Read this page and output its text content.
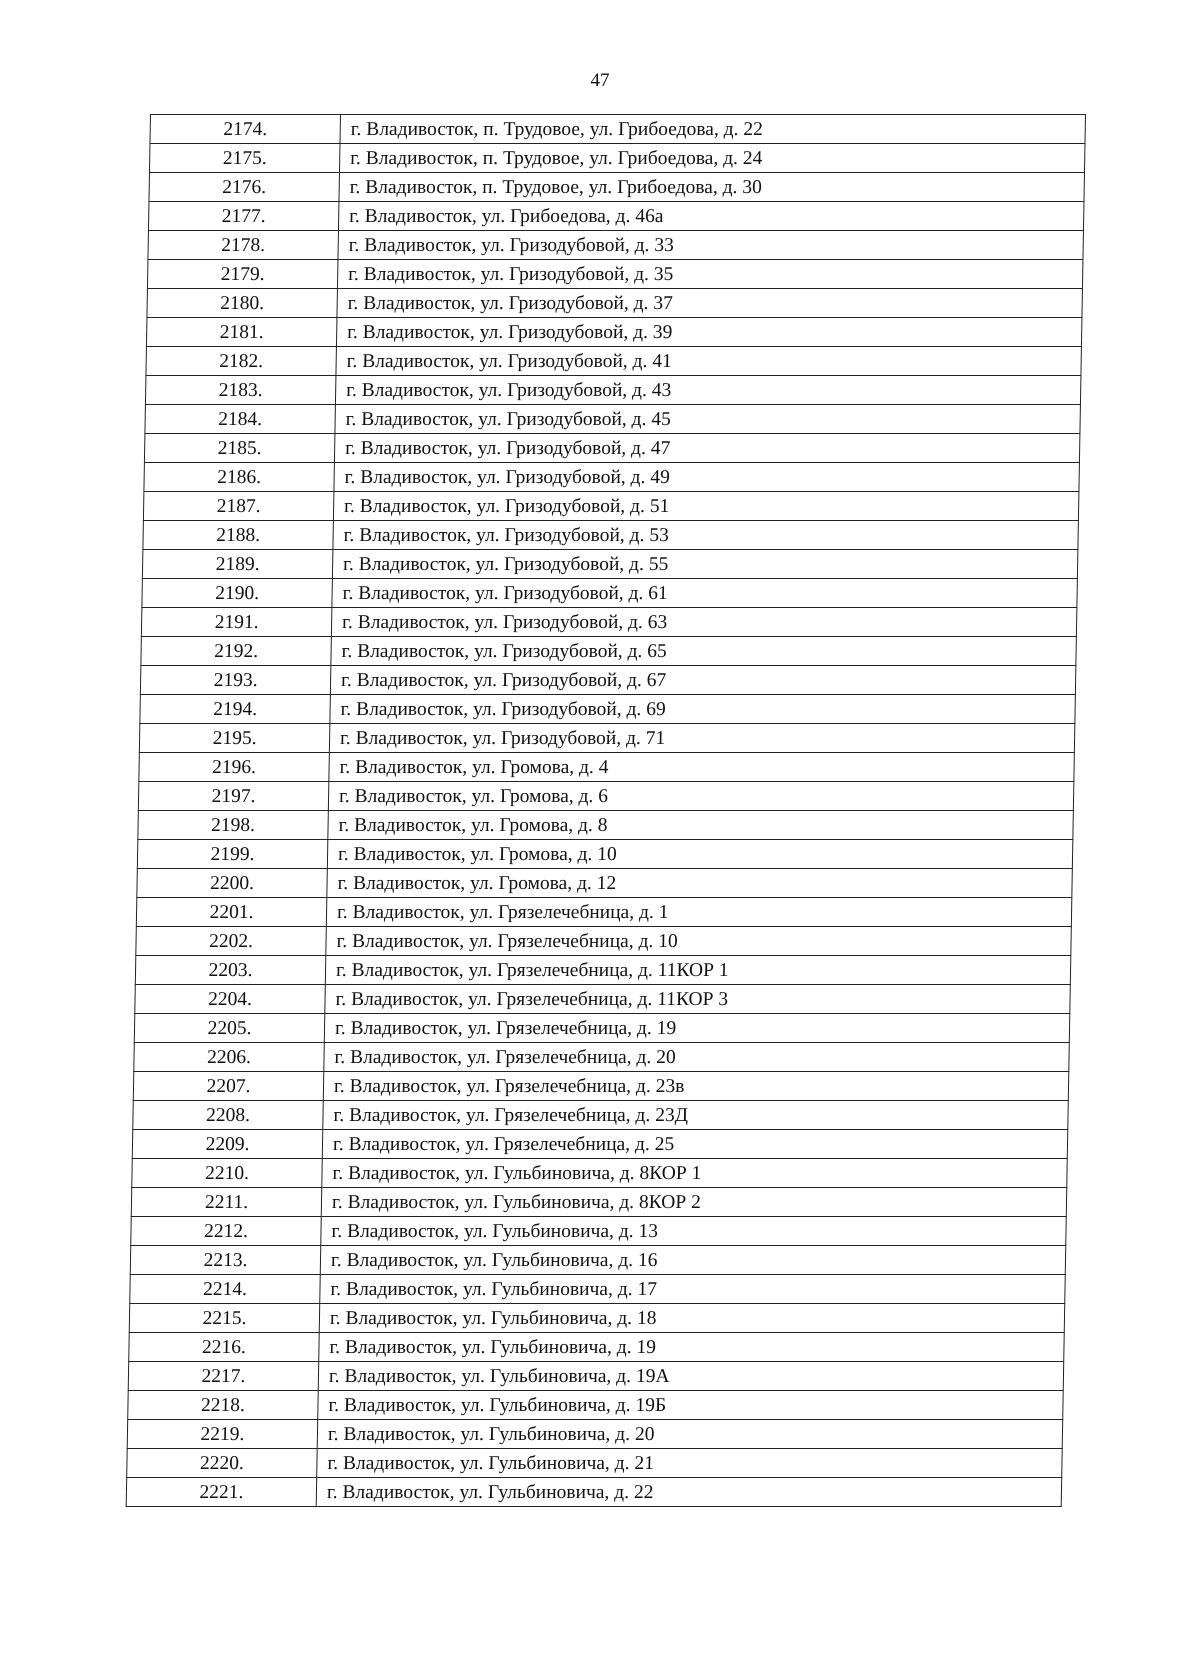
47
2174.	г. Владивосток, п. Трудовое, ул. Грибоедова, д. 22
2175.	г. Владивосток, п. Трудовое, ул. Грибоедова, д. 24
2176.	г. Владивосток, п. Трудовое, ул. Грибоедова, д. 30
2177.	г. Владивосток, ул. Грибоедова, д. 46а
2178.	г. Владивосток, ул. Гризодубовой, д. 33
2179.	г. Владивосток, ул. Гризодубовой, д. 35
2180.	г. Владивосток, ул. Гризодубовой, д. 37
2181.	г. Владивосток, ул. Гризодубовой, д. 39
2182.	г. Владивосток, ул. Гризодубовой, д. 41
2183.	г. Владивосток, ул. Гризодубовой, д. 43
2184.	г. Владивосток, ул. Гризодубовой, д. 45
2185.	г. Владивосток, ул. Гризодубовой, д. 47
2186.	г. Владивосток, ул. Гризодубовой, д. 49
2187.	г. Владивосток, ул. Гризодубовой, д. 51
2188.	г. Владивосток, ул. Гризодубовой, д. 53
2189.	г. Владивосток, ул. Гризодубовой, д. 55
2190.	г. Владивосток, ул. Гризодубовой, д. 61
2191.	г. Владивосток, ул. Гризодубовой, д. 63
2192.	г. Владивосток, ул. Гризодубовой, д. 65
2193.	г. Владивосток, ул. Гризодубовой, д. 67
2194.	г. Владивосток, ул. Гризодубовой, д. 69
2195.	г. Владивосток, ул. Гризодубовой, д. 71
2196.	г. Владивосток, ул. Громова, д. 4
2197.	г. Владивосток, ул. Громова, д. 6
2198.	г. Владивосток, ул. Громова, д. 8
2199.	г. Владивосток, ул. Громова, д. 10
2200.	г. Владивосток, ул. Громова, д. 12
2201.	г. Владивосток, ул. Грязелечебница, д. 1
2202.	г. Владивосток, ул. Грязелечебница, д. 10
2203.	г. Владивосток, ул. Грязелечебница, д. 11КОР 1
2204.	г. Владивосток, ул. Грязелечебница, д. 11КОР 3
2205.	г. Владивосток, ул. Грязелечебница, д. 19
2206.	г. Владивосток, ул. Грязелечебница, д. 20
2207.	г. Владивосток, ул. Грязелечебница, д. 23в
2208.	г. Владивосток, ул. Грязелечебница, д. 23Д
2209.	г. Владивосток, ул. Грязелечебница, д. 25
2210.	г. Владивосток, ул. Гульбиновича, д. 8КОР 1
2211.	г. Владивосток, ул. Гульбиновича, д. 8КОР 2
2212.	г. Владивосток, ул. Гульбиновича, д. 13
2213.	г. Владивосток, ул. Гульбиновича, д. 16
2214.	г. Владивосток, ул. Гульбиновича, д. 17
2215.	г. Владивосток, ул. Гульбиновича, д. 18
2216.	г. Владивосток, ул. Гульбиновича, д. 19
2217.	г. Владивосток, ул. Гульбиновича, д. 19А
2218.	г. Владивосток, ул. Гульбиновича, д. 19Б
2219.	г. Владивосток, ул. Гульбиновича, д. 20
2220.	г. Владивосток, ул. Гульбиновича, д. 21
2221.	г. Владивосток, ул. Гульбиновича, д. 22
